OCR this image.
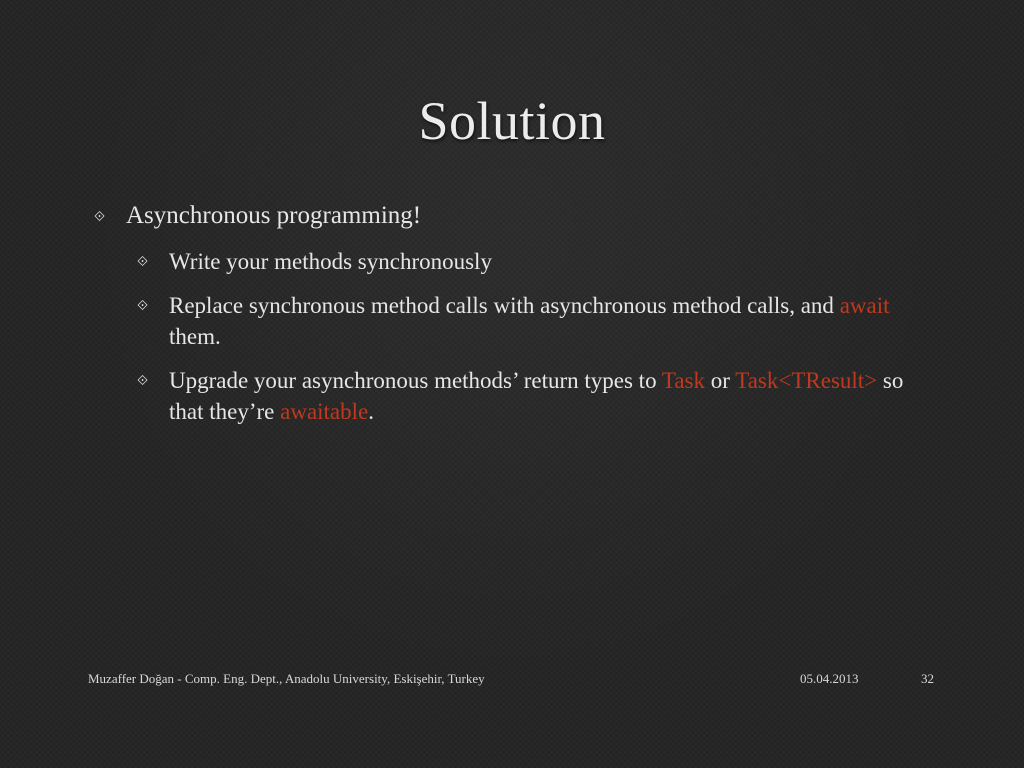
Solution
⟐ Asynchronous programming!
⟐ Write your methods synchronously
⟐ Replace synchronous method calls with asynchronous method calls, and await them.
⟐ Upgrade your asynchronous methods’ return types to Task or Task<TResult> so that they’re awaitable.
Muzaffer Doğan - Comp. Eng. Dept., Anadolu University, Eskişehir, Turkey	05.04.2013	32
